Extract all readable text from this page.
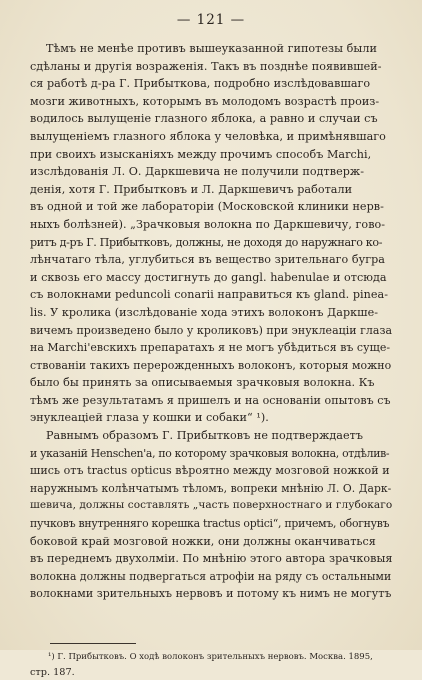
— 121 —
Тѣмъ не менѣе противъ вышеуказанной гипотезы были
сдѣланы и другія возраженія. Такъ въ позднѣе появившей-
ся работѣ д-ра Г. Прибыткова, подробно изслѣдовавшаго
мозги животныхъ, которымъ въ молодомъ возрастѣ произ-
водилось вылущеніе глазного яблока, а равно и случаи съ
вылущеніемъ глазного яблока у человѣка, и примѣнявшаго
при своихъ изысканіяхъ между прочимъ способъ Marchi,
изслѣдованія Л. О. Даркшевича не получили подтверж-
денія, хотя Г. Прибытковъ и Л. Даркшевичъ работали
въ одной и той же лабораторіи (Московской клиники нерв-
ныхъ болѣзней). „Зрачковыя волокна по Даркшевичу, гово-
ритъ д-ръ Г. Прибытковъ, должны, не доходя до наружнаго ко-
лѣнчатаго тѣла, углубиться въ вещество зрительнаго бугра
и сквозь его массу достигнуть до gangl. habenulae и отсюда
съ волокнами peduncoli conarii направиться къ gland. pinea-
lis. У кролика (изслѣдованіе хода этихъ волоконъ Даркше-
вичемъ произведено было у кроликовъ) при энуклеаціи глаза
на Marchi'евскихъ препаратахъ я не могъ убѣдиться въ суще-
ствованіи такихъ перерожденныхъ волоконъ, которыя можно
было бы принять за описываемыя зрачковыя волокна. Къ
тѣмъ же результатамъ я пришелъ и на основаніи опытовъ съ
энуклеаціей глаза у кошки и собаки“ ¹).
Равнымъ образомъ Г. Прибытковъ не подтверждаетъ
и указаній Henschen'a, по которому зрачковыя волокна, отдѣлив-
шись отъ tractus opticus вѣроятно между мозговой ножкой и
наружнымъ колѣнчатымъ тѣломъ, вопреки мнѣнію Л. О. Дарк-
шевича, должны составлять „часть поверхностнаго и глубокаго
пучковъ внутренняго корешка tractus optici“, причемъ, обогнувъ
боковой край мозговой ножки, они должны оканчиваться
въ переднемъ двухолміи. По мнѣнію этого автора зрачковыя
волокна должны подвергаться атрофіи на ряду съ остальными
волокнами зрительныхъ нервовъ и потому къ нимъ не могутъ
¹) Г. Прибытковъ. О ходѣ волоконъ зрительныхъ нервовъ. Москва. 1895,
стр. 187.
